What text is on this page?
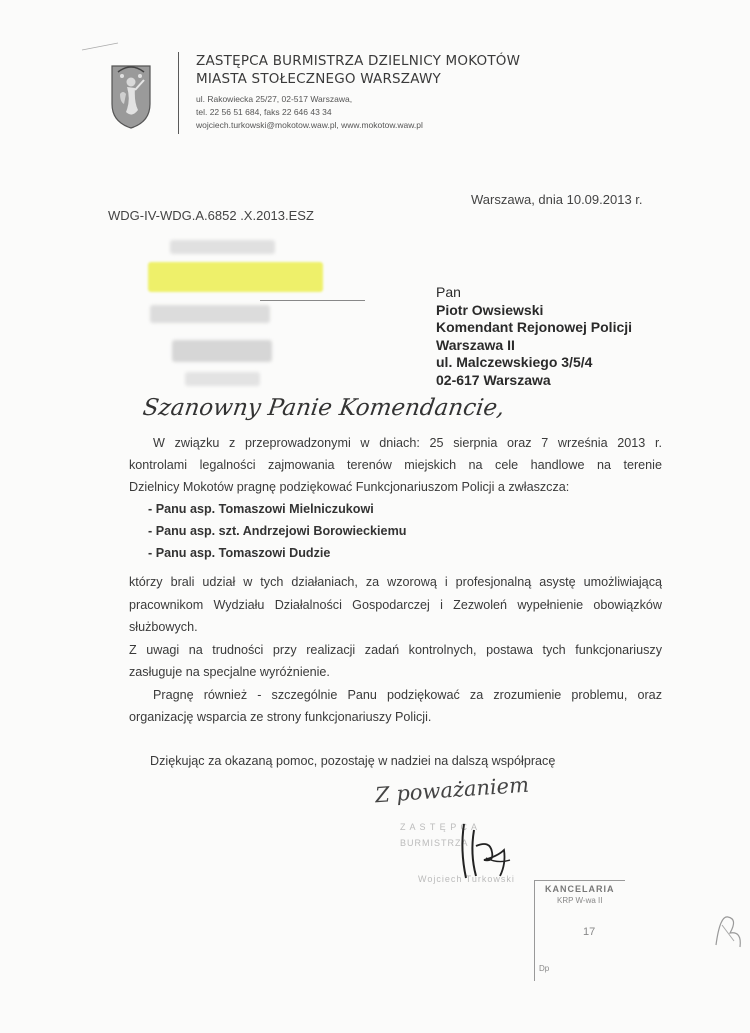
ZASTĘPCA BURMISTRZA DZIELNICY MOKOTÓW
MIASTA STOŁECZNEGO WARSZAWY
ul. Rakowiecka 25/27, 02-517 Warszawa,
tel. 22 56 51 684, faks 22 646 43 34
wojciech.turkowski@mokotow.waw.pl, www.mokotow.waw.pl
Warszawa, dnia 10.09.2013 r.
WDG-IV-WDG.A.6852 .X.2013.ESZ
Pan
Piotr Owsiewski
Komendant Rejonowej Policji
Warszawa II
ul. Malczewskiego 3/5/4
02-617 Warszawa
Szanowny Panie Komendancie,
W związku z przeprowadzonymi w dniach: 25 sierpnia oraz 7 września 2013 r.
kontrolami legalności zajmowania terenów miejskich na cele handlowe na terenie
Dzielnicy Mokotów pragnę podziękować Funkcjonariuszom Policji a zwłaszcza:
- Panu asp. Tomaszowi Mielniczukowi
- Panu asp. szt. Andrzejowi Borowieckiemu
- Panu asp. Tomaszowi Dudzie
którzy brali udział w tych działaniach, za wzorową i profesjonalną asystę umożliwiającą
pracownikom Wydziału Działalności Gospodarczej i Zezwoleń wypełnienie obowiązków
służbowych.
Z uwagi na trudności przy realizacji zadań kontrolnych, postawa tych funkcjonariuszy
zasługuje na specjalne wyróżnienie.
Pragnę również - szczególnie Panu podziękować za zrozumienie problemu, oraz
organizację wsparcia ze strony funkcjonariuszy Policji.
Dziękując za okazaną pomoc, pozostaję w nadziei na dalszą współpracę
Z poważaniem
Z A S T Ę P C A
BURMISTRZA
Wojciech Turkowski
KANCELARIA
KRP W-wa II
17
Dp
